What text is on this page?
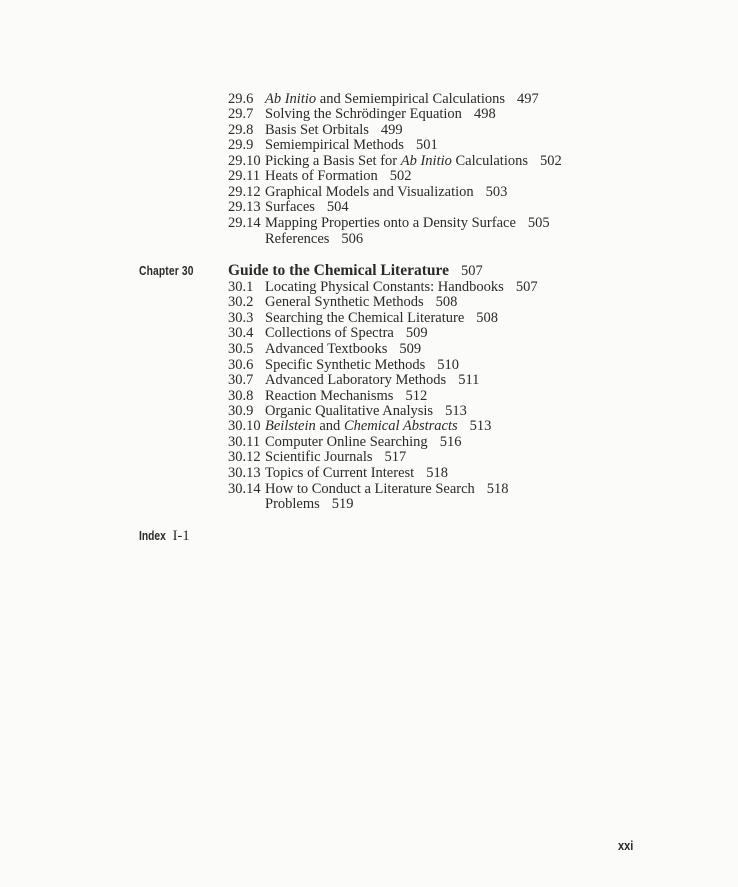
29.6 Ab Initio and Semiempirical Calculations 497
29.7 Solving the Schrödinger Equation 498
29.8 Basis Set Orbitals 499
29.9 Semiempirical Methods 501
29.10 Picking a Basis Set for Ab Initio Calculations 502
29.11 Heats of Formation 502
29.12 Graphical Models and Visualization 503
29.13 Surfaces 504
29.14 Mapping Properties onto a Density Surface 505
References 506
Chapter 30 Guide to the Chemical Literature 507
30.1 Locating Physical Constants: Handbooks 507
30.2 General Synthetic Methods 508
30.3 Searching the Chemical Literature 508
30.4 Collections of Spectra 509
30.5 Advanced Textbooks 509
30.6 Specific Synthetic Methods 510
30.7 Advanced Laboratory Methods 511
30.8 Reaction Mechanisms 512
30.9 Organic Qualitative Analysis 513
30.10 Beilstein and Chemical Abstracts 513
30.11 Computer Online Searching 516
30.12 Scientific Journals 517
30.13 Topics of Current Interest 518
30.14 How to Conduct a Literature Search 518
Problems 519
Index I-1
xxi
